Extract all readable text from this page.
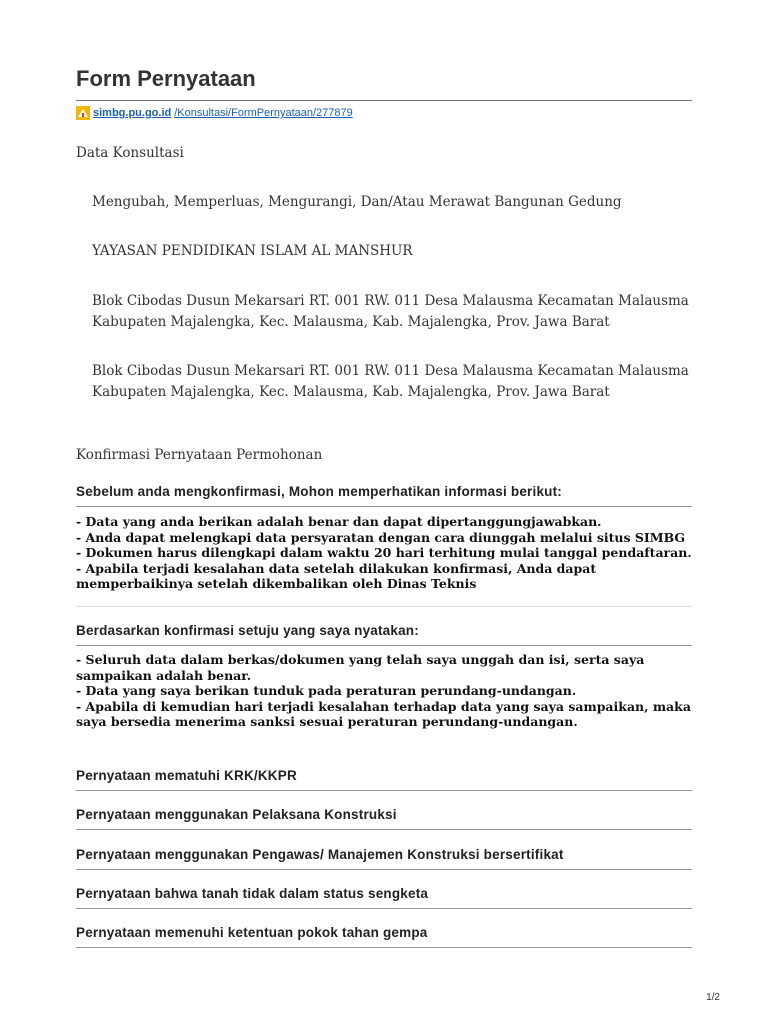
Form Pernyataan
simbg.pu.go.id /Konsultasi/FormPernyataan/277879
Data Konsultasi
Mengubah, Memperluas, Mengurangi, Dan/Atau Merawat Bangunan Gedung
YAYASAN PENDIDIKAN ISLAM AL MANSHUR
Blok Cibodas Dusun Mekarsari RT. 001 RW. 011 Desa Malausma Kecamatan Malausma
Kabupaten Majalengka, Kec. Malausma, Kab. Majalengka, Prov. Jawa Barat
Blok Cibodas Dusun Mekarsari RT. 001 RW. 011 Desa Malausma Kecamatan Malausma
Kabupaten Majalengka, Kec. Malausma, Kab. Majalengka, Prov. Jawa Barat
Konfirmasi Pernyataan Permohonan
Sebelum anda mengkonfirmasi, Mohon memperhatikan informasi berikut:
- Data yang anda berikan adalah benar dan dapat dipertanggungjawabkan.
- Anda dapat melengkapi data persyaratan dengan cara diunggah melalui situs SIMBG
- Dokumen harus dilengkapi dalam waktu 20 hari terhitung mulai tanggal pendaftaran.
- Apabila terjadi kesalahan data setelah dilakukan konfirmasi, Anda dapat
memperbaikinya setelah dikembalikan oleh Dinas Teknis
Berdasarkan konfirmasi setuju yang saya nyatakan:
- Seluruh data dalam berkas/dokumen yang telah saya unggah dan isi, serta saya
sampaikan adalah benar.
- Data yang saya berikan tunduk pada peraturan perundang-undangan.
- Apabila di kemudian hari terjadi kesalahan terhadap data yang saya sampaikan, maka
saya bersedia menerima sanksi sesuai peraturan perundang-undangan.
Pernyataan mematuhi KRK/KKPR
Pernyataan menggunakan Pelaksana Konstruksi
Pernyataan menggunakan Pengawas/ Manajemen Konstruksi bersertifikat
Pernyataan bahwa tanah tidak dalam status sengketa
Pernyataan memenuhi ketentuan pokok tahan gempa
1/2
